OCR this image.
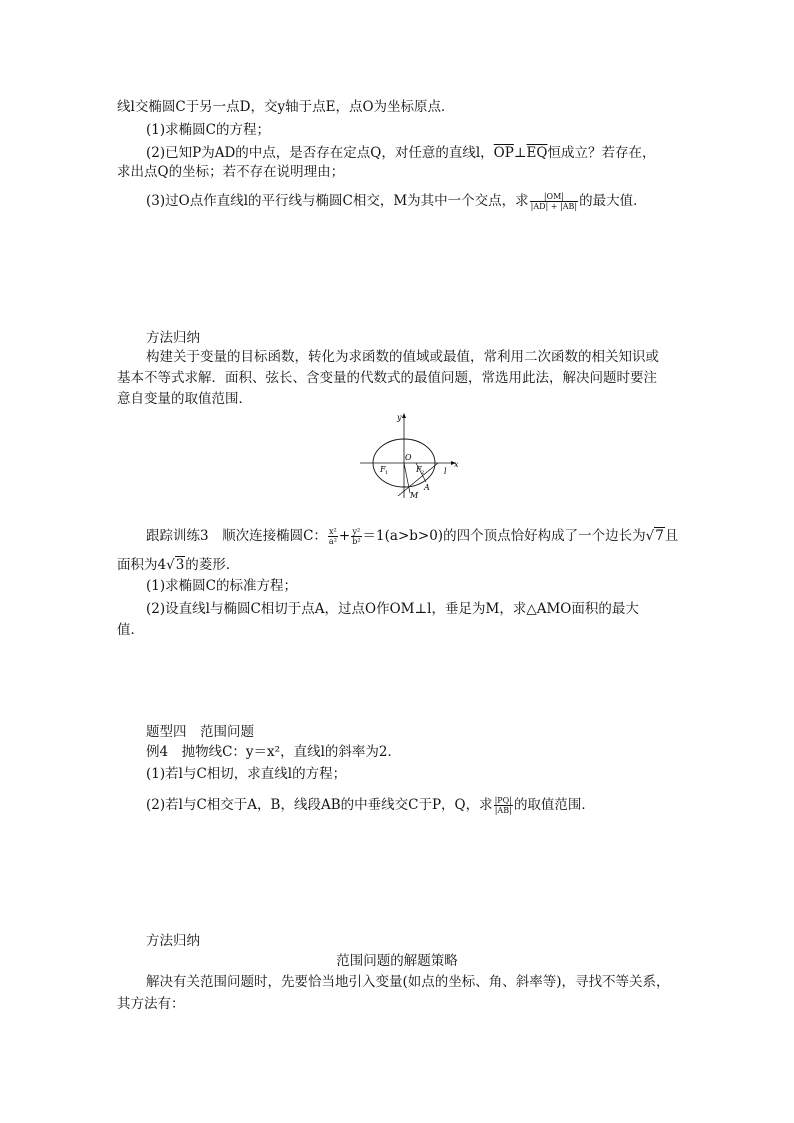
线l交椭圆C于另一点D，交y轴于点E，点O为坐标原点．
(1)求椭圆C的方程；
(2)已知P为AD的中点，是否存在定点Q，对任意的直线l，$\overline{OP}\perp\overline{EQ}$恒成立？若存在，
求出点Q的坐标；若不存在说明理由；
(3)过O点作直线l的平行线与椭圆C相交，M为其中一个交点，求 $\frac{|OM|}{|AD| + |AB|}$ 的最大值．
方法归纳
构建关于变量的目标函数，转化为求函数的值域或最值，常利用二次函数的相关知识或
基本不等式求解．面积、弦长、含变量的代数式的最值问题，常选用此法，解决问题时要注
意自变量的取值范围．
y
x
O
F 1	F 2
A
M
l
跟踪训练3　顺次连接椭圆C： $\frac{\text{x²}}{\text{a²}} + \frac{\text{y²}}{\text{b²}} =1(a>b>0)$的四个顶点恰好构成了一个边长为√7且
面积为4√3的菱形．
(1)求椭圆C的标准方程；
(2)设直线l与椭圆C相切于点A，过点O作OM⊥l，垂足为M，求△AMO面积的最大
值．
题型四　范围问题
例4　抛物线C：y＝x²，直线l的斜率为2．
(1)若l与C相切，求直线l的方程；
(2)若l与C相交于A，B，线段AB的中垂线交C于P，Q，求 $\frac{|PQ|}{|AB|}$ 的取值范围．
方法归纳
范围问题的解题策略
解决有关范围问题时，先要恰当地引入变量(如点的坐标、角、斜率等)，寻找不等关系，
其方法有：
